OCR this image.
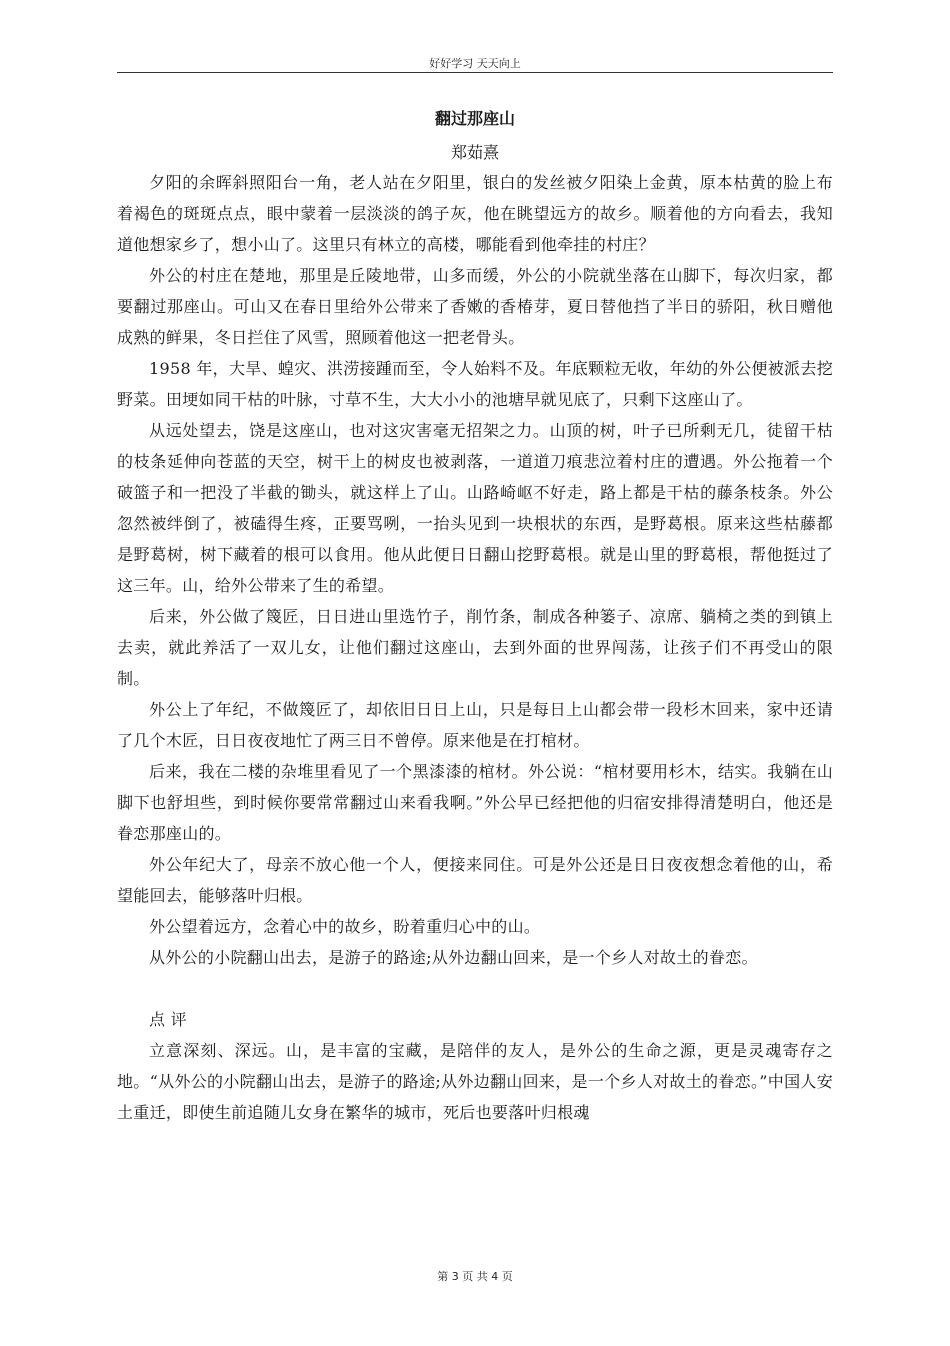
好好学习 天天向上
翻过那座山
郑茹熹

夕阳的余晖斜照阳台一角，老人站在夕阳里，银白的发丝被夕阳染上金黄，原本枯黄的脸上布着褐色的斑斑点点，眼中蒙着一层淡淡的鸽子灰，他在眺望远方的故乡。顺着他的方向看去，我知道他想家乡了，想小山了。这里只有林立的高楼，哪能看到他牵挂的村庄？

外公的村庄在楚地，那里是丘陵地带，山多而缓，外公的小院就坐落在山脚下，每次归家，都要翻过那座山。可山又在春日里给外公带来了香嫩的香椿芽，夏日替他挡了半日的骄阳，秋日赠他成熟的鲜果，冬日拦住了风雪，照顾着他这一把老骨头。

1958 年，大旱、蝗灾、洪涝接踵而至，令人始料不及。年底颗粒无收，年幼的外公便被派去挖野菜。田埂如同干枯的叶脉，寸草不生，大大小小的池塘早就见底了，只剩下这座山了。

从远处望去，饶是这座山，也对这灾害毫无招架之力。山顶的树，叶子已所剩无几，徒留干枯的枝条延伸向苍蓝的天空，树干上的树皮也被剥落，一道道刀痕悲泣着村庄的遭遇。外公拖着一个破篮子和一把没了半截的锄头，就这样上了山。山路崎岖不好走，路上都是干枯的藤条枝条。外公忽然被绊倒了，被磕得生疼，正要骂咧，一抬头见到一块根状的东西，是野葛根。原来这些枯藤都是野葛树，树下藏着的根可以食用。他从此便日日翻山挖野葛根。就是山里的野葛根，帮他挺过了这三年。山，给外公带来了生的希望。

后来，外公做了篾匠，日日进山里选竹子，削竹条，制成各种篓子、凉席、躺椅之类的到镇上去卖，就此养活了一双儿女，让他们翻过这座山，去到外面的世界闯荡，让孩子们不再受山的限制。

外公上了年纪，不做篾匠了，却依旧日日上山，只是每日上山都会带一段杉木回来，家中还请了几个木匠，日日夜夜地忙了两三日不曾停。原来他是在打棺材。

后来，我在二楼的杂堆里看见了一个黑漆漆的棺材。外公说：“棺材要用杉木，结实。我躺在山脚下也舒坦些，到时候你要常常翻过山来看我啊。”外公早已经把他的归宿安排得清楚明白，他还是眷恋那座山的。

外公年纪大了，母亲不放心他一个人，便接来同住。可是外公还是日日夜夜想念着他的山，希望能回去，能够落叶归根。

外公望着远方，念着心中的故乡，盼着重归心中的山。

从外公的小院翻山出去，是游子的路途;从外边翻山回来，是一个乡人对故土的眷恋。

点 评

立意深刻、深远。山，是丰富的宝藏，是陪伴的友人，是外公的生命之源，更是灵魂寄存之地。“从外公的小院翻山出去，是游子的路途;从外边翻山回来，是一个乡人对故土的眷恋。”中国人安土重迁，即使生前追随儿女身在繁华的城市，死后也要落叶归根魂

第 3 页 共 4 页
